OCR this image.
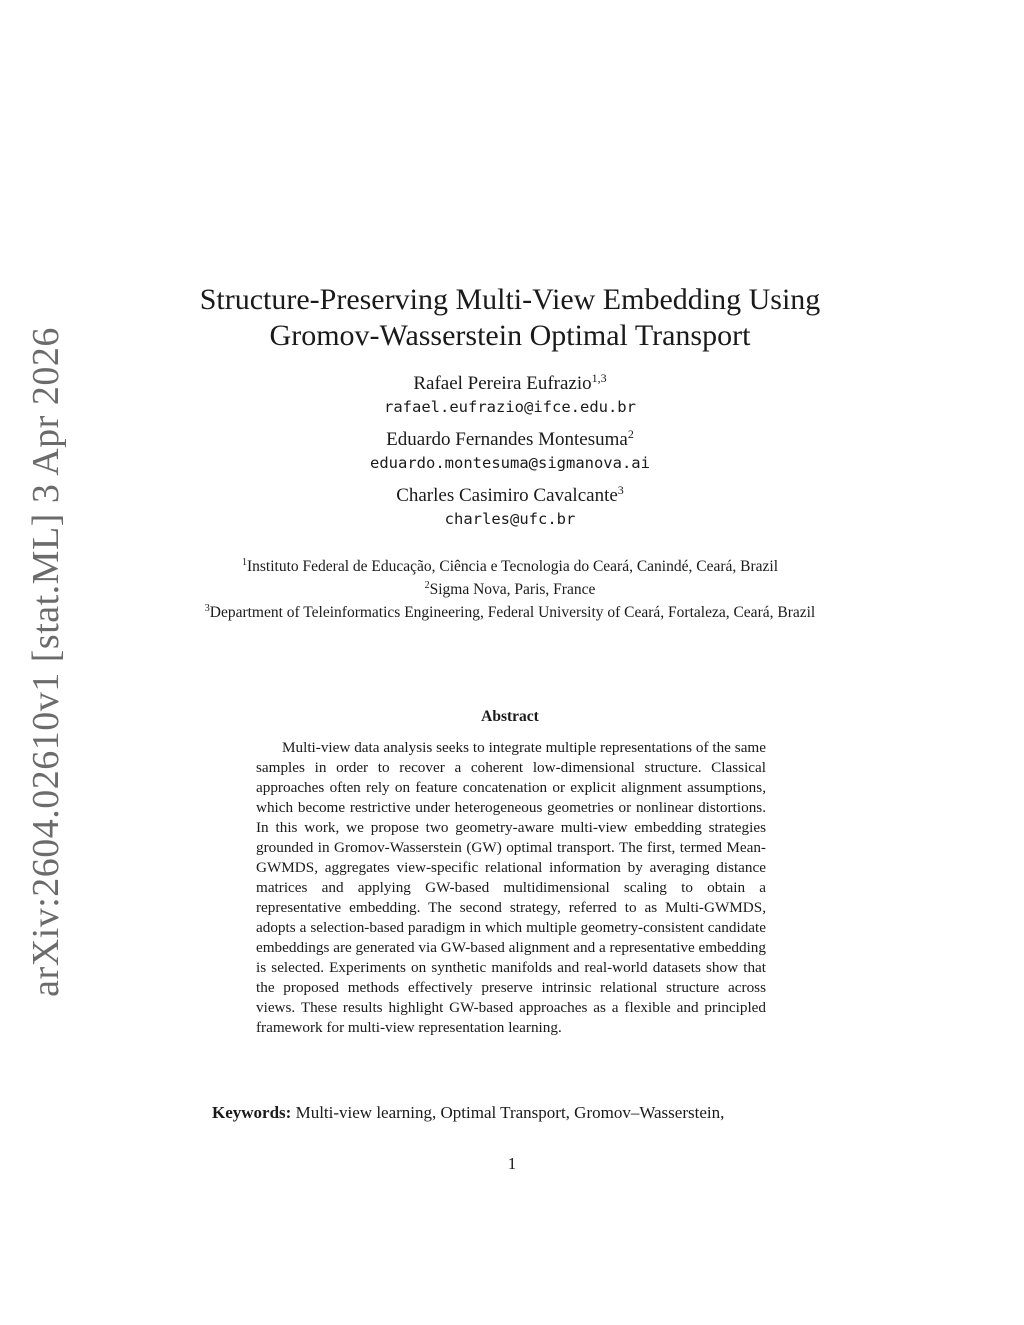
arXiv:2604.02610v1 [stat.ML] 3 Apr 2026
Structure-Preserving Multi-View Embedding Using
Gromov-Wasserstein Optimal Transport
Rafael Pereira Eufrazio$^{1,3}$
rafael.eufrazio@ifce.edu.br
Eduardo Fernandes Montesuma$^2$
eduardo.montesuma@sigmanova.ai
Charles Casimiro Cavalcante$^3$
charles@ufc.br
$^1$Instituto Federal de Educação, Ciência e Tecnologia do Ceará, Canindé, Ceará, Brazil
$^2$Sigma Nova, Paris, France
$^3$Department of Teleinformatics Engineering, Federal University of Ceará, Fortaleza, Ceará, Brazil
Abstract

Multi-view data analysis seeks to integrate multiple representations of the same samples in order to recover a coherent low-dimensional structure. Classical approaches often rely on feature concatenation or explicit alignment assumptions, which become restrictive under heterogeneous geometries or nonlinear distortions. In this work, we propose two geometry-aware multi-view embedding strategies grounded in Gromov-Wasserstein (GW) optimal transport. The first, termed Mean-GWMDS, aggregates view-specific relational information by averaging distance matrices and applying GW-based multidimensional scaling to obtain a representative embedding. The second strategy, referred to as Multi-GWMDS, adopts a selection-based paradigm in which multiple geometry-consistent candidate embeddings are generated via GW-based alignment and a representative embedding is selected. Experiments on synthetic manifolds and real-world datasets show that the proposed methods effectively preserve intrinsic relational structure across views. These results highlight GW-based approaches as a flexible and principled framework for multi-view representation learning.

Keywords: Multi-view learning, Optimal Transport, Gromov–Wasserstein,
1
